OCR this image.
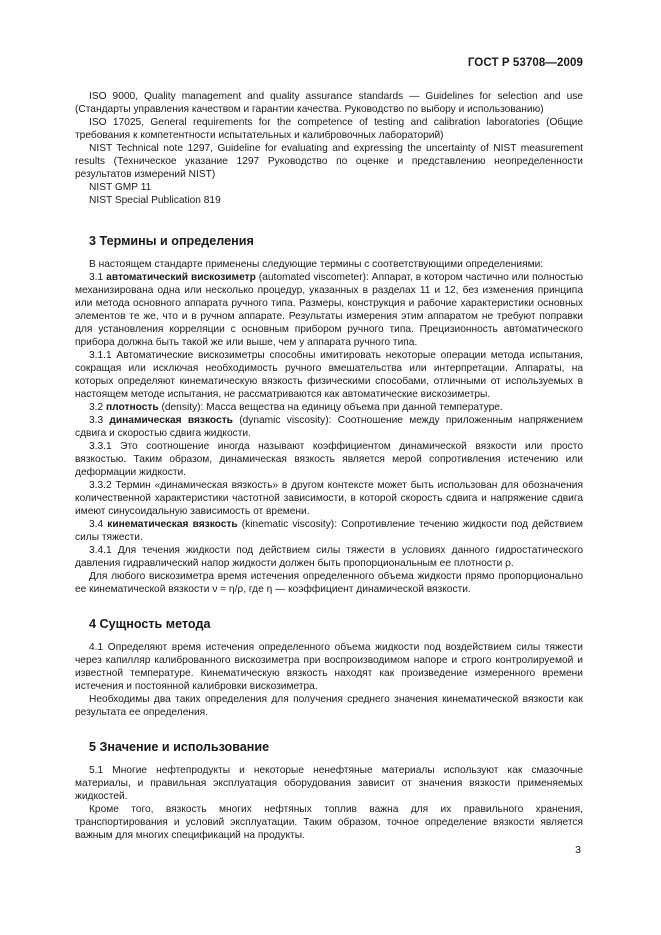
ГОСТ Р 53708—2009

ISO 9000, Quality management and quality assurance standards — Guidelines for selection and use (Стандарты управления качеством и гарантии качества. Руководство по выбору и использованию)

ISO 17025, General requirements for the competence of testing and calibration laboratories (Общие требования к компетентности испытательных и калибровочных лабораторий)

NIST Technical note 1297, Guideline for evaluating and expressing the uncertainty of NIST measurement results (Техническое указание 1297 Руководство по оценке и представлению неопределенности результатов измерений NIST)

NIST GMP 11

NIST Special Publication 819

3 Термины и определения

В настоящем стандарте применены следующие термины с соответствующими определениями:

3.1 автоматический вискозиметр (automated viscometer): Аппарат, в котором частично или полностью механизирована одна или несколько процедур, указанных в разделах 11 и 12, без изменения принципа или метода основного аппарата ручного типа. Размеры, конструкция и рабочие характеристики основных элементов те же, что и в ручном аппарате. Результаты измерения этим аппаратом не требуют поправки для установления корреляции с основным прибором ручного типа. Прецизионность автоматического прибора должна быть такой же или выше, чем у аппарата ручного типа.

3.1.1 Автоматические вискозиметры способны имитировать некоторые операции метода испытания, сокращая или исключая необходимость ручного вмешательства или интерпретации. Аппараты, на которых определяют кинематическую вязкость физическими способами, отличными от используемых в настоящем методе испытания, не рассматриваются как автоматические вискозиметры.

3.2 плотность (density): Масса вещества на единицу объема при данной температуре.

3.3 динамическая вязкость (dynamic viscosity): Соотношение между приложенным напряжением сдвига и скоростью сдвига жидкости.

3.3.1 Это соотношение иногда называют коэффициентом динамической вязкости или просто вязкостью. Таким образом, динамическая вязкость является мерой сопротивления истечению или деформации жидкости.

3.3.2 Термин «динамическая вязкость» в другом контексте может быть использован для обозначения количественной характеристики частотной зависимости, в которой скорость сдвига и напряжение сдвига имеют синусоидальную зависимость от времени.

3.4 кинематическая вязкость (kinematic viscosity): Сопротивление течению жидкости под действием силы тяжести.

3.4.1 Для течения жидкости под действием силы тяжести в условиях данного гидростатического давления гидравлический напор жидкости должен быть пропорциональным ее плотности ρ.

Для любого вискозиметра время истечения определенного объема жидкости прямо пропорционально ее кинематической вязкости ν = η/ρ, где η — коэффициент динамической вязкости.

4 Сущность метода

4.1 Определяют время истечения определенного объема жидкости под воздействием силы тяжести через капилляр калиброванного вискозиметра при воспроизводимом напоре и строго контролируемой и известной температуре. Кинематическую вязкость находят как произведение измеренного времени истечения и постоянной калибровки вискозиметра.

Необходимы два таких определения для получения среднего значения кинематической вязкости как результата ее определения.

5 Значение и использование

5.1 Многие нефтепродукты и некоторые ненефтяные материалы используют как смазочные материалы, и правильная эксплуатация оборудования зависит от значения вязкости применяемых жидкостей.

Кроме того, вязкость многих нефтяных топлив важна для их правильного хранения, транспортирования и условий эксплуатации. Таким образом, точное определение вязкости является важным для многих спецификаций на продукты.

3
